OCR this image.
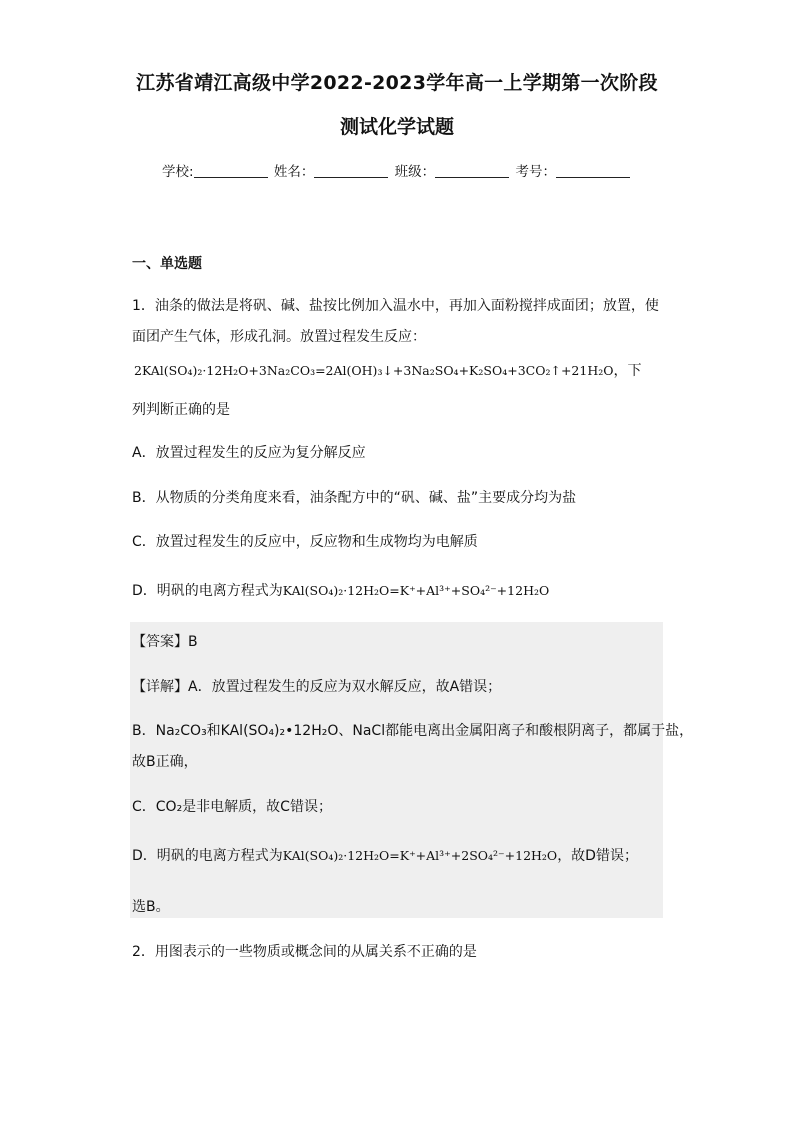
江苏省靖江高级中学2022-2023学年高一上学期第一次阶段
测试化学试题
学校:	姓名：	班级：	考号：
一、单选题
1．油条的做法是将矾、碱、盐按比例加入温水中，再加入面粉搅拌成面团；放置，使
面团产生气体，形成孔洞。放置过程发生反应：
2KAl(SO₄)₂·12H₂O+3Na₂CO₃=2Al(OH)₃↓+3Na₂SO₄+K₂SO₄+3CO₂↑+21H₂O，下
列判断正确的是
A．放置过程发生的反应为复分解反应
B．从物质的分类角度来看，油条配方中的“矾、碱、盐”主要成分均为盐
C．放置过程发生的反应中，反应物和生成物均为电解质
D．明矾的电离方程式为KAl(SO₄)₂·12H₂O=K⁺+Al³⁺+SO₄²⁻+12H₂O
【答案】B
【详解】A．放置过程发生的反应为双水解反应，故A错误；
B．Na₂CO₃和KAl(SO₄)₂•12H₂O、NaCl都能电离出金属阳离子和酸根阴离子，都属于盐，
故B正确，
C．CO₂是非电解质，故C错误；
D．明矾的电离方程式为KAl(SO₄)₂·12H₂O=K⁺+Al³⁺+2SO₄²⁻+12H₂O，故D错误；
选B。
2．用图表示的一些物质或概念间的从属关系不正确的是
